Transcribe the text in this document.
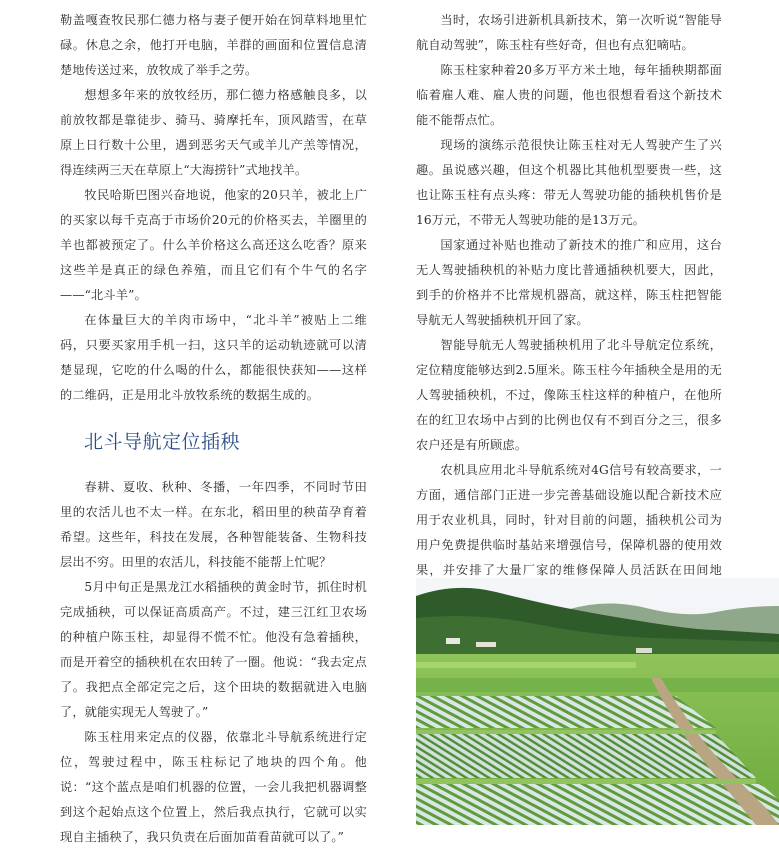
勒盖嘎查牧民那仁德力格与妻子便开始在饲草料地里忙碌。休息之余，他打开电脑，羊群的画面和位置信息清楚地传送过来，放牧成了举手之劳。

想想多年来的放牧经历，那仁德力格感触良多，以前放牧都是靠徒步、骑马、骑摩托车，顶风踏雪，在草原上日行数十公里，遇到恶劣天气或羊儿产羔等情况，得连续两三天在草原上“大海捞针”式地找羊。

牧民哈斯巴图兴奋地说，他家的20只羊，被北上广的买家以每千克高于市场价20元的价格买去，羊圈里的羊也都被预定了。什么羊价格这么高还这么吃香？原来这些羊是真正的绿色养殖，而且它们有个牛气的名字——“北斗羊”。

在体量巨大的羊肉市场中，“北斗羊”被贴上二维码，只要买家用手机一扫，这只羊的运动轨迹就可以清楚显现，它吃的什么喝的什么，都能很快获知——这样的二维码，正是用北斗放牧系统的数据生成的。

北斗导航定位插秧

春耕、夏收、秋种、冬播，一年四季，不同时节田里的农活儿也不太一样。在东北，稻田里的秧苗孕育着希望。这些年，科技在发展，各种智能装备、生物科技层出不穷。田里的农活儿，科技能不能帮上忙呢？

5月中旬正是黑龙江水稻插秧的黄金时节，抓住时机完成插秧，可以保证高质高产。不过，建三江红卫农场的种植户陈玉柱，却显得不慌不忙。他没有急着插秧，而是开着空的插秧机在农田转了一圈。他说：“我去定点了。我把点全部定完之后，这个田块的数据就进入电脑了，就能实现无人驾驶了。”

陈玉柱用来定点的仪器，依靠北斗导航系统进行定位，驾驶过程中，陈玉柱标记了地块的四个角。他说：“这个蓝点是咱们机器的位置，一会儿我把机器调整到这个起始点这个位置上，然后我点执行，它就可以实现自主插秧了，我只负责在后面加苗看苗就可以了。”

当时，农场引进新机具新技术，第一次听说“智能导航自动驾驶”，陈玉柱有些好奇，但也有点犯嘀咕。

陈玉柱家种着20多万平方米土地，每年插秧期都面临着雇人难、雇人贵的问题，他也很想看看这个新技术能不能帮点忙。

现场的演练示范很快让陈玉柱对无人驾驶产生了兴趣。虽说感兴趣，但这个机器比其他机型要贵一些，这也让陈玉柱有点头疼：带无人驾驶功能的插秧机售价是16万元，不带无人驾驶功能的是13万元。

国家通过补贴也推动了新技术的推广和应用，这台无人驾驶插秧机的补贴力度比普通插秧机要大，因此，到手的价格并不比常规机器高，就这样，陈玉柱把智能导航无人驾驶插秧机开回了家。

智能导航无人驾驶插秧机用了北斗导航定位系统，定位精度能够达到2.5厘米。陈玉柱今年插秧全是用的无人驾驶插秧机，不过，像陈玉柱这样的种植户，在他所在的红卫农场中占到的比例也仅有不到百分之三，很多农户还是有所顾虑。

农机具应用北斗导航系统对4G信号有较高要求，一方面，通信部门正进一步完善基础设施以配合新技术应用于农业机具，同时，针对目前的问题，插秧机公司为用户免费提供临时基站来增强信号，保障机器的使用效果，并安排了大量厂家的维修保障人员活跃在田间地
